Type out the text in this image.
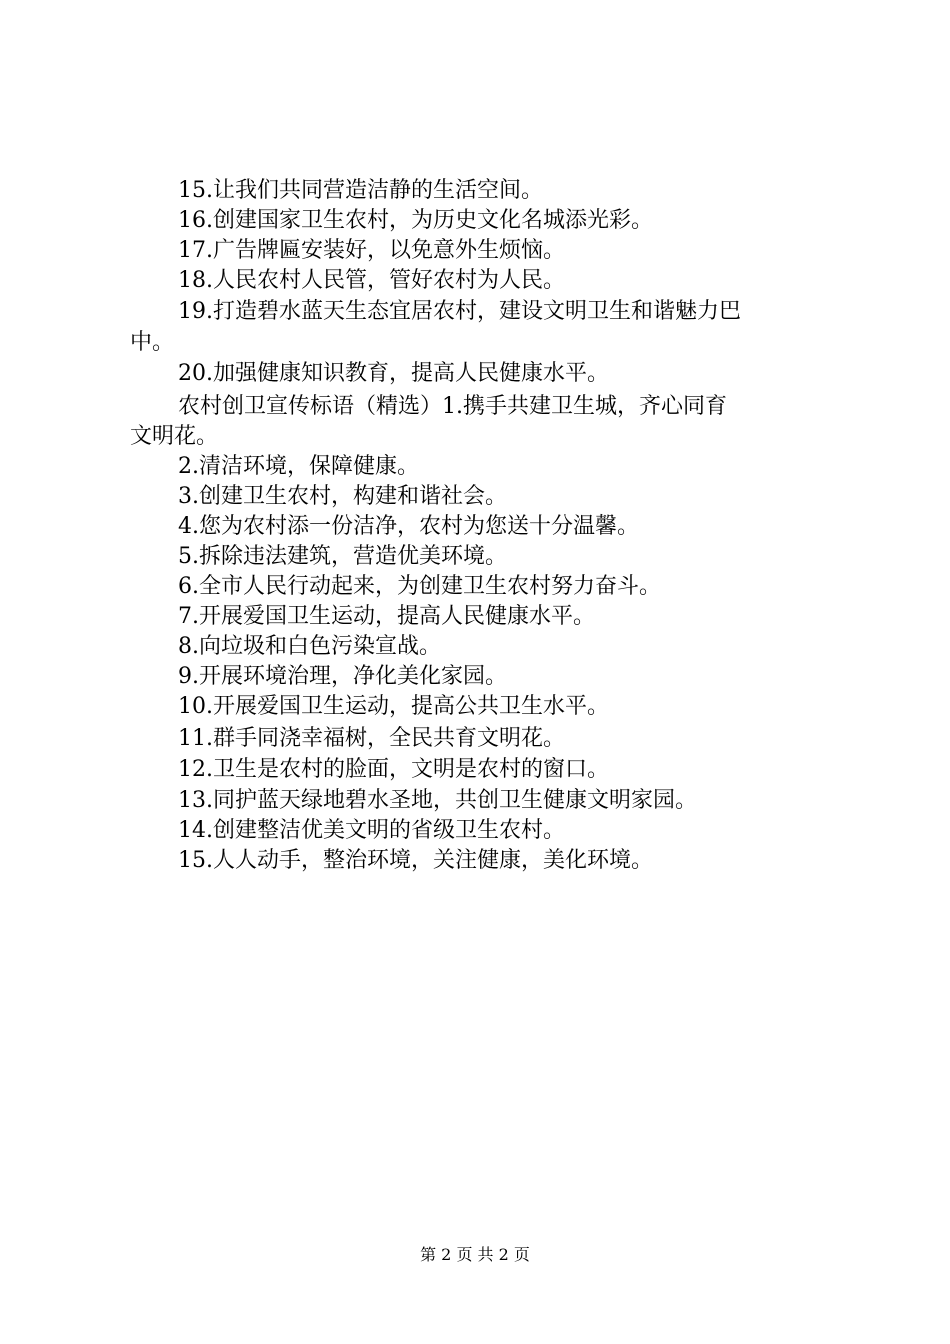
15.让我们共同营造洁静的生活空间。
16.创建国家卫生农村，为历史文化名城添光彩。
17.广告牌匾安装好，以免意外生烦恼。
18.人民农村人民管，管好农村为人民。
19.打造碧水蓝天生态宜居农村，建设文明卫生和谐魅力巴
中。
20.加强健康知识教育，提高人民健康水平。
农村创卫宣传标语（精选）1.携手共建卫生城，齐心同育
文明花。
2.清洁环境，保障健康。
3.创建卫生农村，构建和谐社会。
4.您为农村添一份洁净，农村为您送十分温馨。
5.拆除违法建筑，营造优美环境。
6.全市人民行动起来，为创建卫生农村努力奋斗。
7.开展爱国卫生运动，提高人民健康水平。
8.向垃圾和白色污染宣战。
9.开展环境治理，净化美化家园。
10.开展爱国卫生运动，提高公共卫生水平。
11.群手同浇幸福树，全民共育文明花。
12.卫生是农村的脸面，文明是农村的窗口。
13.同护蓝天绿地碧水圣地，共创卫生健康文明家园。
14.创建整洁优美文明的省级卫生农村。
15.人人动手，整治环境，关注健康，美化环境。
第 2 页 共 2 页
